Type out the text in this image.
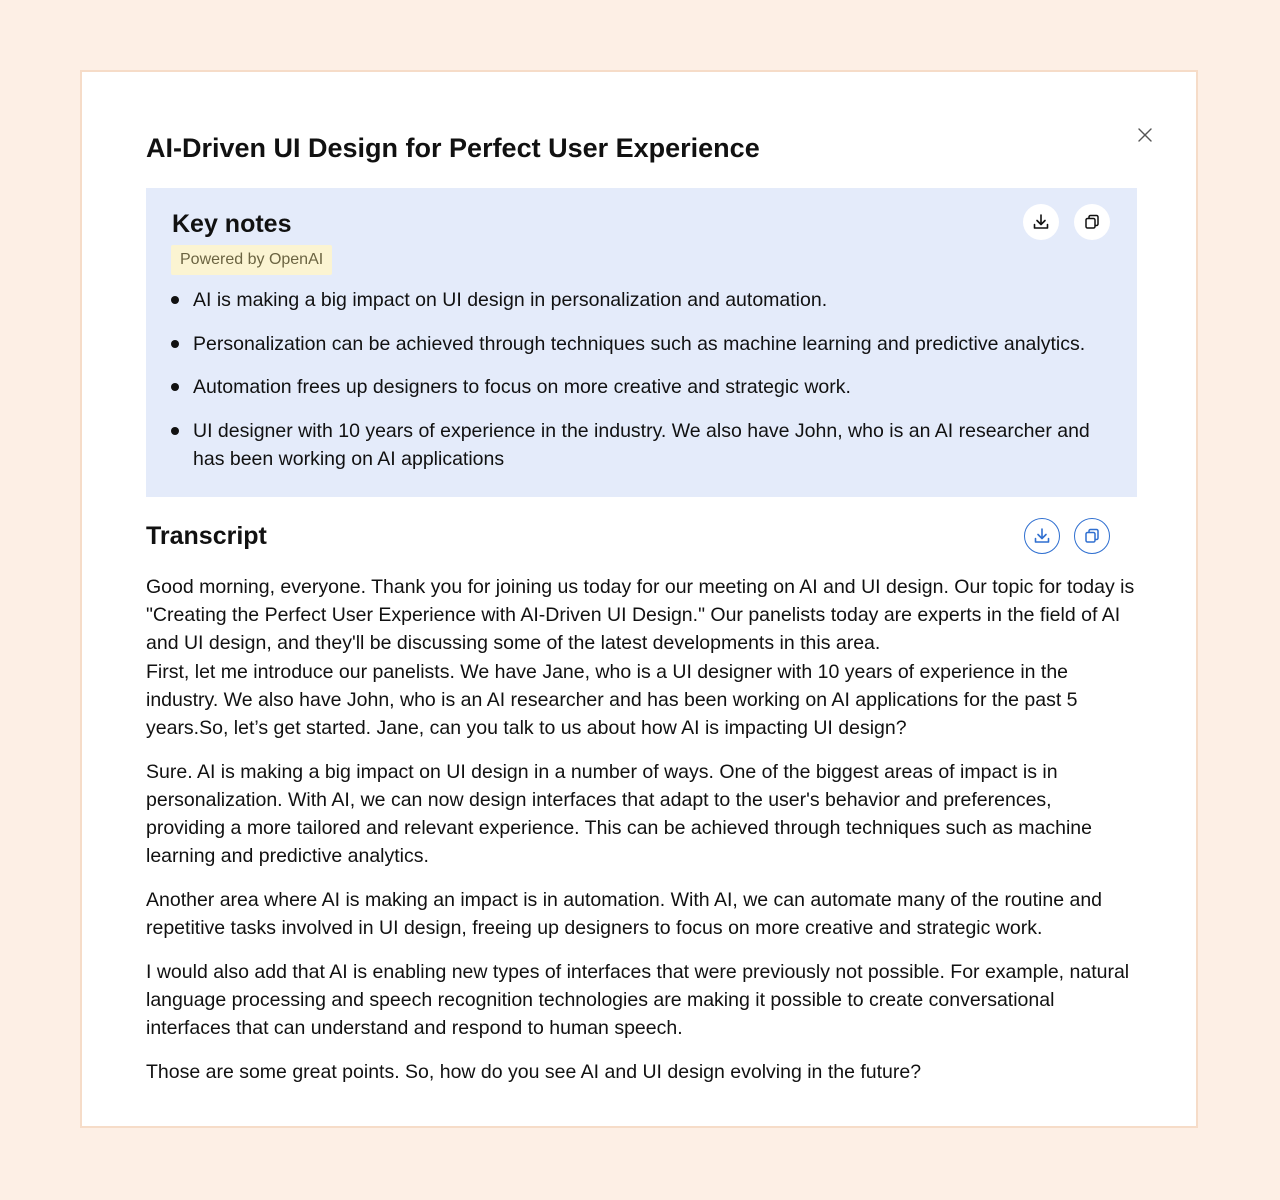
AI-Driven UI Design for Perfect User Experience
Key notes
Powered by OpenAI
AI is making a big impact on UI design in personalization and automation.
Personalization can be achieved through techniques such as machine learning and predictive analytics.
Automation frees up designers to focus on more creative and strategic work.
UI designer with 10 years of experience in the industry. We also have John, who is an AI researcher and has been working on AI applications
Transcript

Good morning, everyone. Thank you for joining us today for our meeting on AI and UI design. Our topic for today is "Creating the Perfect User Experience with AI-Driven UI Design." Our panelists today are experts in the field of AI and UI design, and they'll be discussing some of the latest developments in this area.
First, let me introduce our panelists. We have Jane, who is a UI designer with 10 years of experience in the industry. We also have John, who is an AI researcher and has been working on AI applications for the past 5 years.So, let’s get started. Jane, can you talk to us about how AI is impacting UI design?

Sure. AI is making a big impact on UI design in a number of ways. One of the biggest areas of impact is in personalization. With AI, we can now design interfaces that adapt to the user's behavior and preferences, providing a more tailored and relevant experience. This can be achieved through techniques such as machine learning and predictive analytics.

Another area where AI is making an impact is in automation. With AI, we can automate many of the routine and repetitive tasks involved in UI design, freeing up designers to focus on more creative and strategic work.

I would also add that AI is enabling new types of interfaces that were previously not possible. For example, natural language processing and speech recognition technologies are making it possible to create conversational interfaces that can understand and respond to human speech.

Those are some great points. So, how do you see AI and UI design evolving in the future?
